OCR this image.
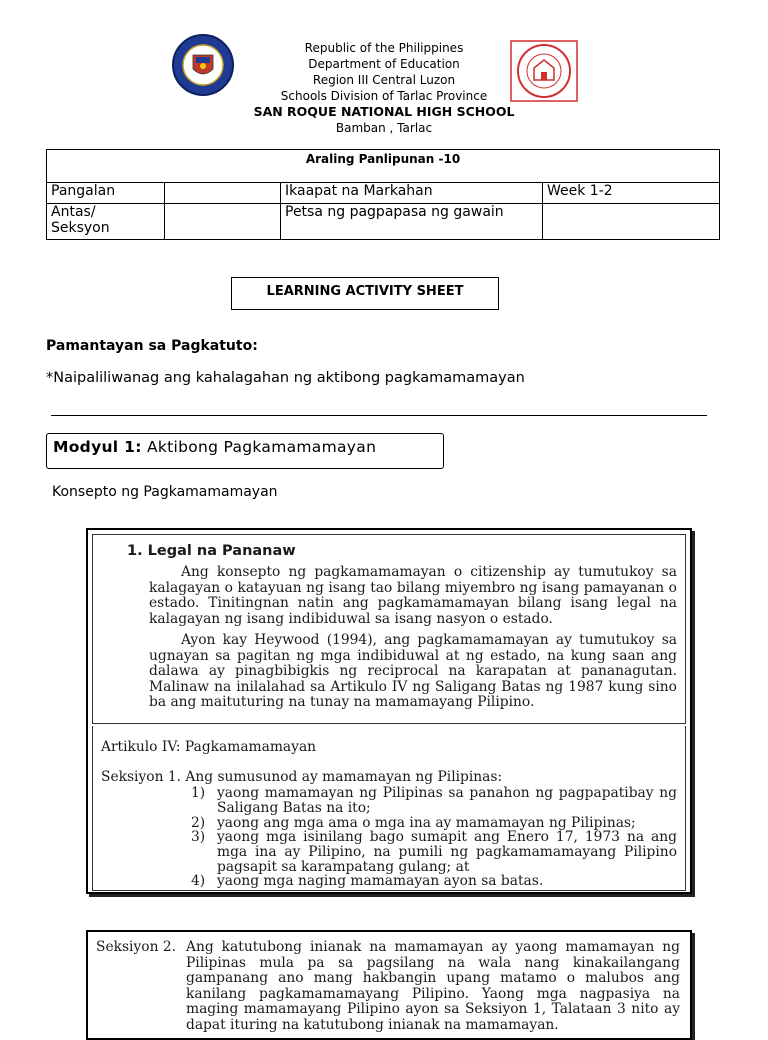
Republic of the Philippines
Department of Education
Region III Central Luzon
Schools Division of Tarlac Province
SAN ROQUE NATIONAL HIGH SCHOOL
Bamban , Tarlac
Araling Panlipunan -10			
Pangalan		Ikaapat na Markahan	Week 1-2

Antas/
Seksyon		Petsa ng pagpapasa ng gawain	
LEARNING ACTIVITY SHEET
Pamantayan sa Pagkatuto:
*Naipaliliwanag ang kahalagahan ng aktibong pagkamamamayan
Modyul 1: Aktibong Pagkamamamayan
Konsepto ng Pagkamamamayan
1. Legal na Pananaw
Ang konsepto ng pagkamamamayan o citizenship ay tumutukoy sa kalagayan o katayuan ng isang tao bilang miyembro ng isang pamayanan o estado. Tinitingnan natin ang pagkamamamayan bilang isang legal na kalagayan ng isang indibiduwal sa isang nasyon o estado.
Ayon kay Heywood (1994), ang pagkamamamayan ay tumutukoy sa ugnayan sa pagitan ng mga indibiduwal at ng estado, na kung saan ang dalawa ay pinagbibigkis ng reciprocal na karapatan at pananagutan. Malinaw na inilalahad sa Artikulo IV ng Saligang Batas ng 1987 kung sino ba ang maituturing na tunay na mamamayang Pilipino.
Artikulo IV: Pagkamamamayan
Seksiyon 1. Ang sumusunod ay mamamayan ng Pilipinas:
1) yaong mamamayan ng Pilipinas sa panahon ng pagpapatibay ng Saligang Batas na ito;
2) yaong ang mga ama o mga ina ay mamamayan ng Pilipinas;
3) yaong mga isinilang bago sumapit ang Enero 17, 1973 na ang mga ina ay Pilipino, na pumili ng pagkamamamayang Pilipino pagsapit sa karampatang gulang; at
4) yaong mga naging mamamayan ayon sa batas.
Seksiyon 2. Ang katutubong inianak na mamamayan ay yaong mamamayan ng Pilipinas mula pa sa pagsilang na wala nang kinakailangang gampanang ano mang hakbangin upang matamo o malubos ang kanilang pagkamamamayang Pilipino. Yaong mga nagpasiya na maging mamamayang Pilipino ayon sa Seksiyon 1, Talataan 3 nito ay dapat ituring na katutubong inianak na mamamayan.
